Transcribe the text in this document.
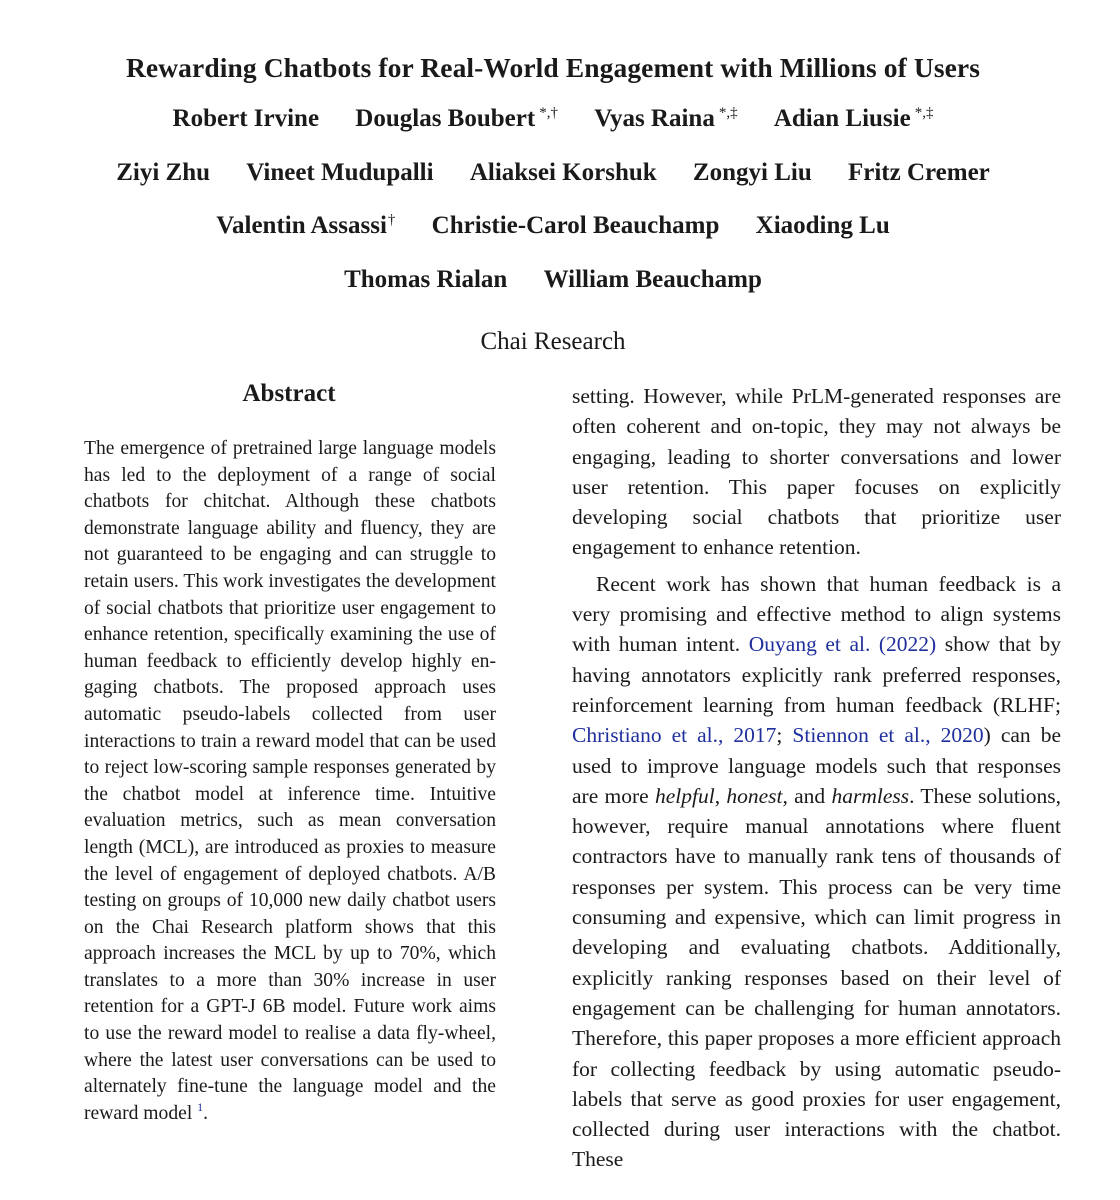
Rewarding Chatbots for Real-World Engagement with Millions of Users
Robert Irvine Douglas Boubert *,† Vyas Raina *,‡ Adian Liusie *,‡
Ziyi Zhu Vineet Mudupalli Aliaksei Korshuk Zongyi Liu Fritz Cremer
Valentin Assassi† Christie-Carol Beauchamp Xiaoding Lu
Thomas Rialan William Beauchamp
Chai Research
Abstract
The emergence of pretrained large language models has led to the deployment of a range of social chatbots for chitchat. Although these chatbots demonstrate language ability and fluency, they are not guaranteed to be engaging and can struggle to retain users. This work investigates the development of social chatbots that prioritize user engagement to enhance retention, specifically examining the use of human feedback to efficiently develop highly engaging chatbots. The proposed approach uses automatic pseudo-labels collected from user interactions to train a reward model that can be used to reject low-scoring sample responses generated by the chatbot model at inference time. Intuitive evaluation metrics, such as mean conversation length (MCL), are introduced as proxies to measure the level of engagement of deployed chatbots. A/B testing on groups of 10,000 new daily chatbot users on the Chai Research platform shows that this approach increases the MCL by up to 70%, which translates to a more than 30% increase in user retention for a GPT-J 6B model. Future work aims to use the reward model to realise a data fly-wheel, where the latest user conversations can be used to alternately fine-tune the language model and the reward model $^1$.

setting. However, while PrLM-generated responses are often coherent and on-topic, they may not always be engaging, leading to shorter conversations and lower user retention. This paper focuses on explicitly developing social chatbots that prioritize user engagement to enhance retention.

Recent work has shown that human feedback is a very promising and effective method to align systems with human intent. Ouyang et al. (2022) show that by having annotators explicitly rank preferred responses, reinforcement learning from human feedback (RLHF; Christiano et al., 2017; Stiennon et al., 2020) can be used to improve language models such that responses are more helpful, honest, and harmless. These solutions, however, require manual annotations where fluent contractors have to manually rank tens of thousands of responses per system. This process can be very time consuming and expensive, which can limit progress in developing and evaluating chatbots. Additionally, explicitly ranking responses based on their level of engagement can be challenging for human annotators. Therefore, this paper proposes a more efficient approach for collecting feedback by using automatic pseudo-labels that serve as good proxies for user engagement, collected during user interactions with the chatbot. These
